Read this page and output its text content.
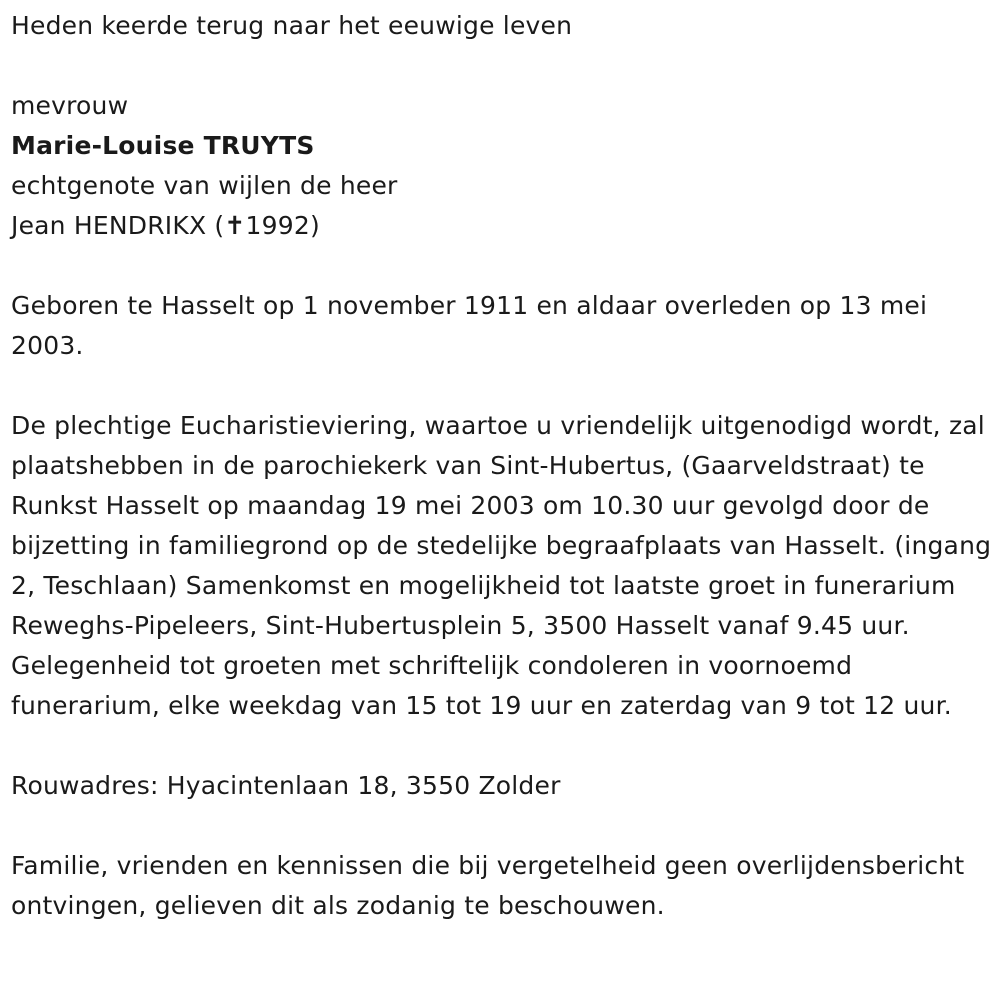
Heden keerde terug naar het eeuwige leven
mevrouw
Marie-Louise TRUYTS
echtgenote van wijlen de heer
Jean HENDRIKX (✝1992)
Geboren te Hasselt op 1 november 1911 en aldaar overleden op 13 mei 2003.
De plechtige Eucharistieviering, waartoe u vriendelijk uitgenodigd wordt, zal plaatshebben in de parochiekerk van Sint-Hubertus, (Gaarveldstraat) te Runkst Hasselt op maandag 19 mei 2003 om 10.30 uur gevolgd door de bijzetting in familiegrond op de stedelijke begraafplaats van Hasselt. (ingang 2, Teschlaan) Samenkomst en mogelijkheid tot laatste groet in funerarium Reweghs-Pipeleers, Sint-Hubertusplein 5, 3500 Hasselt vanaf 9.45 uur. Gelegenheid tot groeten met schriftelijk condoleren in voornoemd funerarium, elke weekdag van 15 tot 19 uur en zaterdag van 9 tot 12 uur.
Rouwadres: Hyacintenlaan 18, 3550 Zolder
Familie, vrienden en kennissen die bij vergetelheid geen overlijdensbericht ontvingen, gelieven dit als zodanig te beschouwen.
